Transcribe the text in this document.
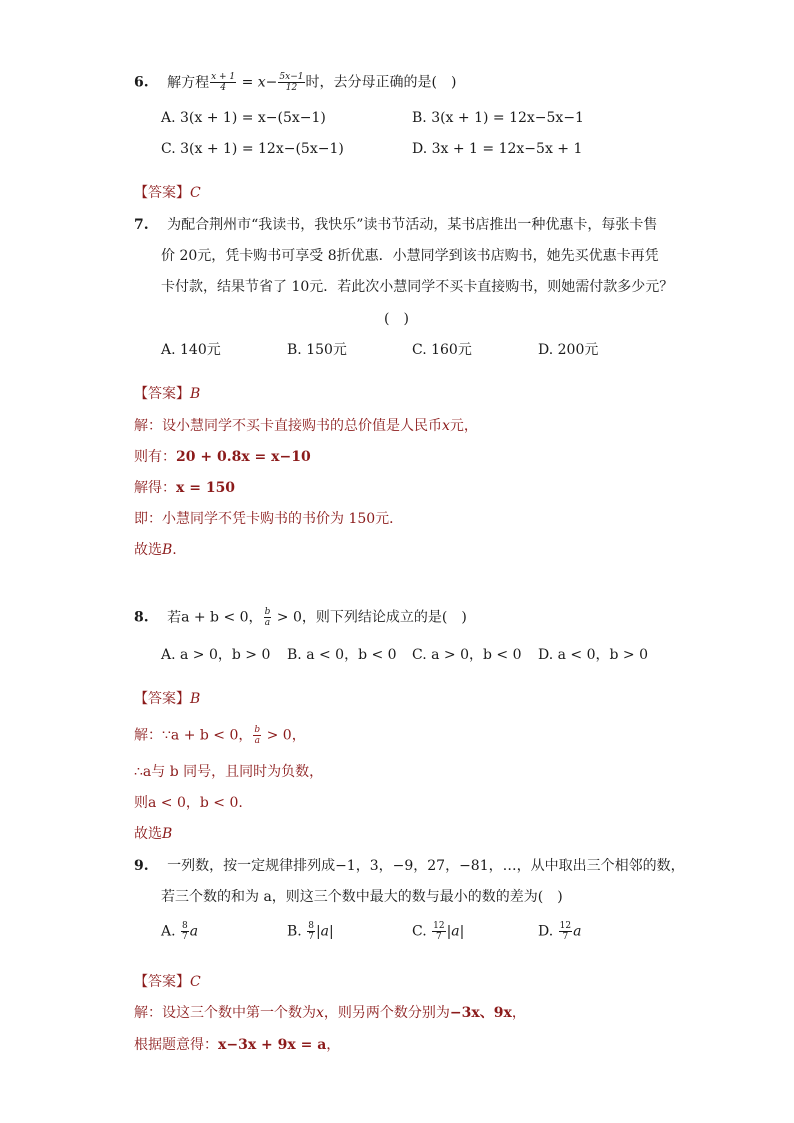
6. 解方程 $\frac{x + 1}{4} = x- \frac{5x-1}{12}$ 时，去分母正确的是(　)
A. 3(x + 1) = x−(5x−1)	B. 3(x + 1) = 12x−5x−1
C. 3(x + 1) = 12x−(5x−1)	D. 3x + 1 = 12x−5x + 1
【答案】C
7. 为配合荆州市“我读书，我快乐”读书节活动，某书店推出一种优惠卡，每张卡售
价 20元，凭卡购书可享受 8折优惠．小慧同学到该书店购书，她先买优惠卡再凭
卡付款，结果节省了 10元．若此次小慧同学不买卡直接购书，则她需付款多少元？
(　)
A. 140元	B. 150元	C. 160元	D. 200元
【答案】B
解：设小慧同学不买卡直接购书的总价值是人民币x元，
则有：20 + 0.8x = x−10
解得：x = 150
即：小慧同学不凭卡购书的书价为 150元．
故选B.
8. 若a + b < 0， $\frac{b}{a} > 0$，则下列结论成立的是(　)
A. a > 0，b > 0 B. a < 0，b < 0 C. a > 0，b < 0 D. a < 0，b > 0
【答案】B
解：∵a + b < 0， $\frac{b}{a} > 0$，
∴a与 b 同号，且同时为负数，
则a < 0，b < 0.
故选B
9. 一列数，按一定规律排列成−1，3，−9，27，−81，…，从中取出三个相邻的数，
若三个数的和为 a，则这三个数中最大的数与最小的数的差为(　)
A. $\frac{8}{7}$ a	B. $\frac{8}{7} |a|$	C. $\frac{12}{7} |a|$	D. $\frac{12}{7}$ a
【答案】C
解：设这三个数中第一个数为x，则另两个数分别为−3x、9x，
根据题意得：x−3x + 9x = a，
